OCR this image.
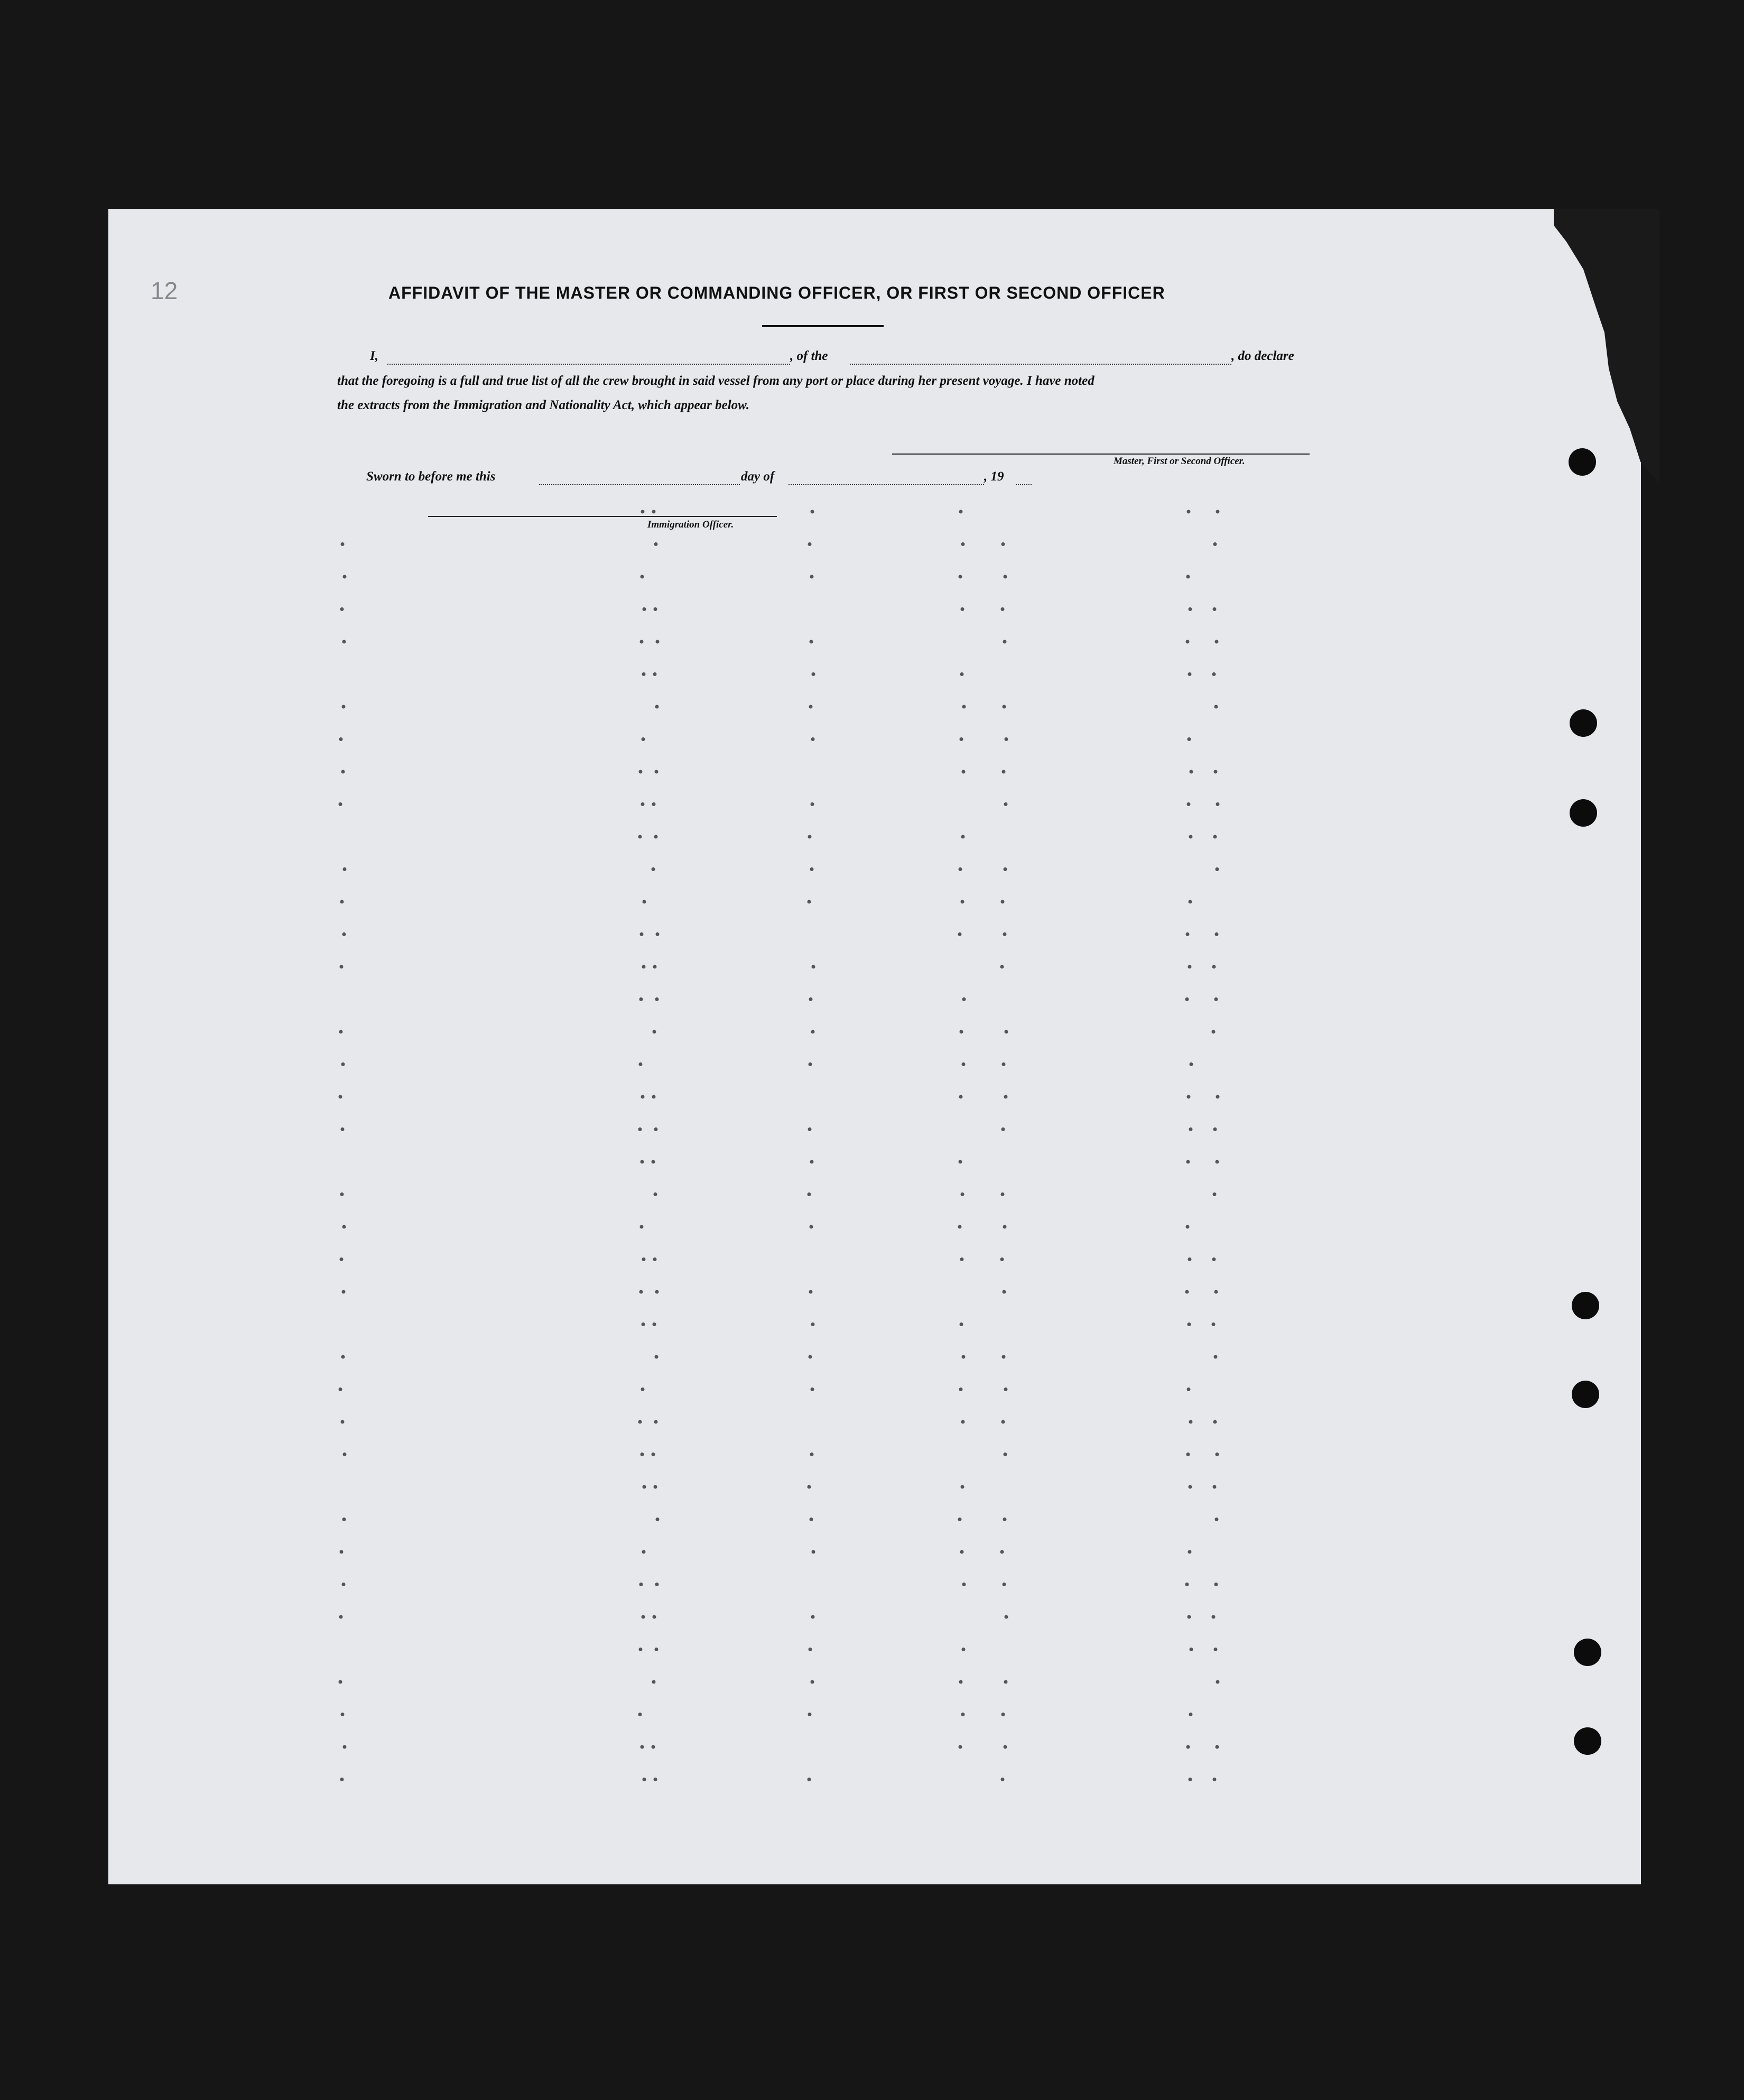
12	AFFIDAVIT OF THE MASTER OR COMMANDING OFFICER, OR FIRST OR SECOND OFFICER
I,	, of the	, do declare
that the foregoing is a full and true list of all the crew brought in said vessel from any port or place during her present voyage. I have noted
the extracts from the Immigration and Nationality Act, which appear below.
Master, First or Second Officer.
Sworn to before me this	day of	, 19
Immigration Officer.
